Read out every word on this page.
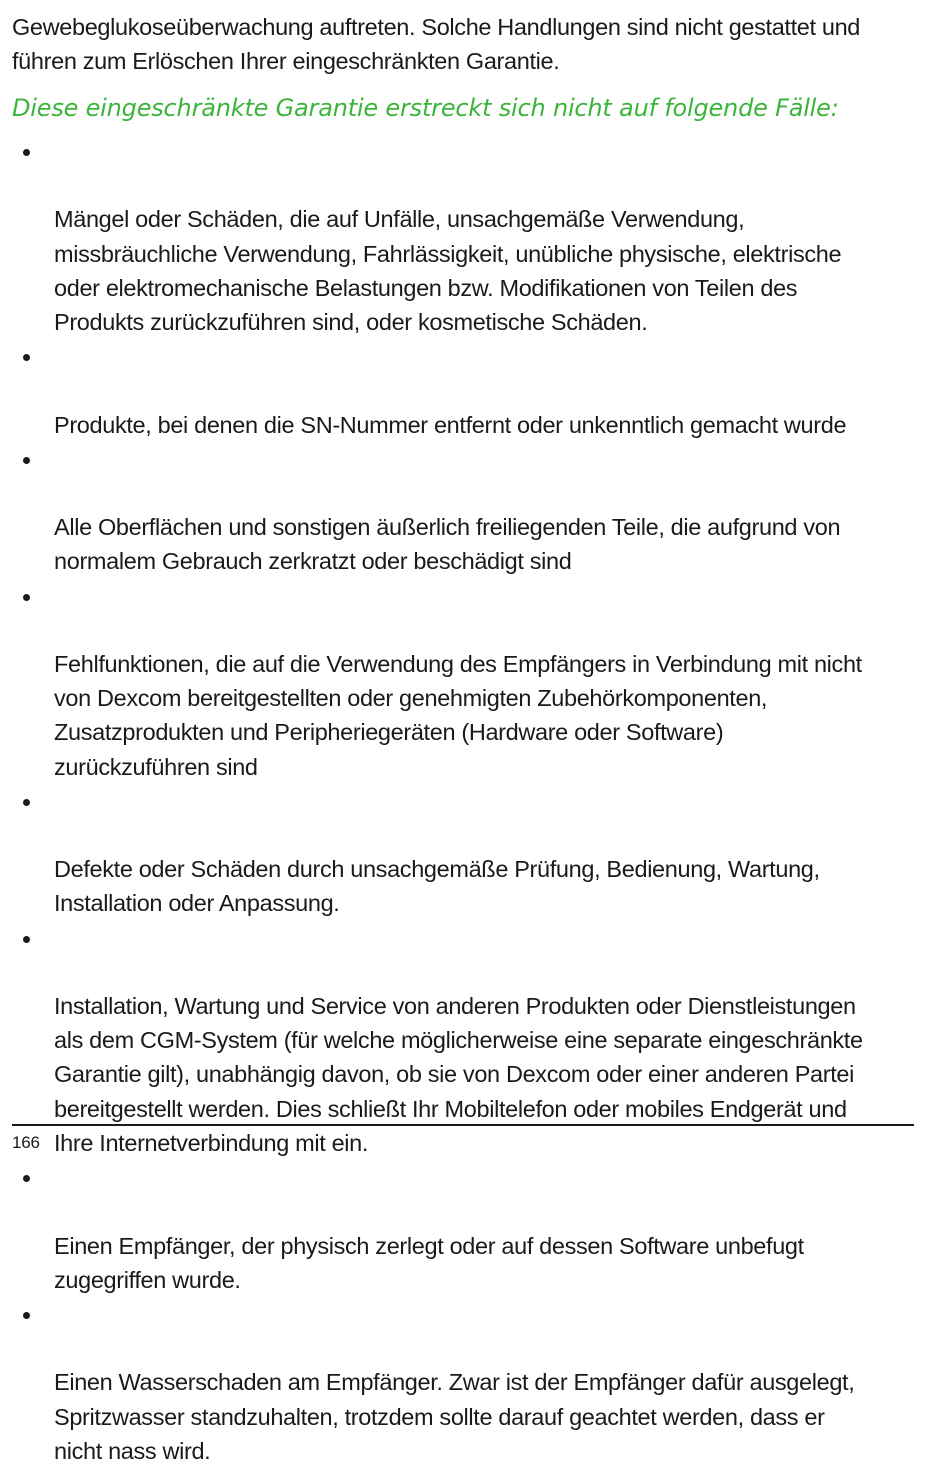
Gewebeglukoseüberwachung auftreten. Solche Handlungen sind nicht gestattet und
führen zum Erlöschen Ihrer eingeschränkten Garantie.

Diese eingeschränkte Garantie erstreckt sich nicht auf folgende Fälle:

Mängel oder Schäden, die auf Unfälle, unsachgemäße Verwendung,
missbräuchliche Verwendung, Fahrlässigkeit, unübliche physische, elektrische
oder elektromechanische Belastungen bzw. Modifikationen von Teilen des
Produkts zurückzuführen sind, oder kosmetische Schäden.

Produkte, bei denen die SN-Nummer entfernt oder unkenntlich gemacht wurde

Alle Oberflächen und sonstigen äußerlich freiliegenden Teile, die aufgrund von
normalem Gebrauch zerkratzt oder beschädigt sind

Fehlfunktionen, die auf die Verwendung des Empfängers in Verbindung mit nicht
von Dexcom bereitgestellten oder genehmigten Zubehörkomponenten,
Zusatzprodukten und Peripheriegeräten (Hardware oder Software)
zurückzuführen sind

Defekte oder Schäden durch unsachgemäße Prüfung, Bedienung, Wartung,
Installation oder Anpassung.

Installation, Wartung und Service von anderen Produkten oder Dienstleistungen
als dem CGM-System (für welche möglicherweise eine separate eingeschränkte
Garantie gilt), unabhängig davon, ob sie von Dexcom oder einer anderen Partei
bereitgestellt werden. Dies schließt Ihr Mobiltelefon oder mobiles Endgerät und
Ihre Internetverbindung mit ein.

Einen Empfänger, der physisch zerlegt oder auf dessen Software unbefugt
zugegriffen wurde.

Einen Wasserschaden am Empfänger. Zwar ist der Empfänger dafür ausgelegt,
Spritzwasser standzuhalten, trotzdem sollte darauf geachtet werden, dass er
nicht nass wird.

166
